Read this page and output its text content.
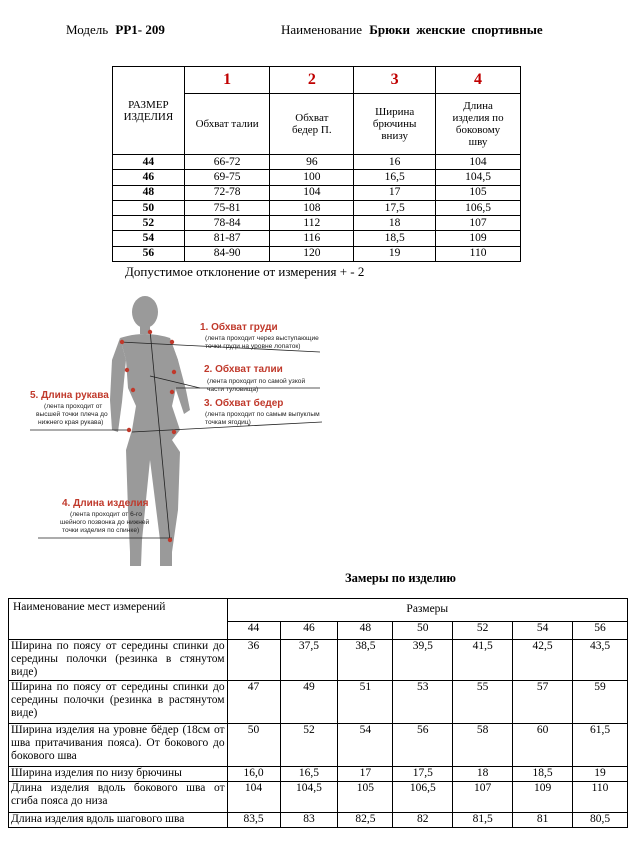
Модель РР1- 209	Наименование Брюки женские спортивные
РАЗМЕР ИЗДЕЛИЯ	1	2	3	4
	Обхват талии	Обхват бедер П.	Ширина брючины внизу	Длина изделия по боковому шву
44	66-72	96	16	104
46	69-75	100	16,5	104,5
48	72-78	104	17	105
50	75-81	108	17,5	106,5
52	78-84	112	18	107
54	81-87	116	18,5	109
56	84-90	120	19	110
Допустимое отклонение от измерения + - 2
1. Обхват груди
(лента проходит через выступающие
точки груди на уровне лопаток)
2. Обхват талии
(лента проходит по самой узкой
части туловища)
3. Обхват бедер
(лента проходит по самым выпуклым
точкам ягодиц)
4. Длина изделия
(лента проходит от 6-го
шейного позвонка до нижней
точки изделия по спинке)
5. Длина рукава
(лента проходит от
высшей точки плеча до
нижнего края рукава)
Замеры по изделию
Наименование мест измерений	Размеры						
	44	46	48	50	52	54	56
Ширина по поясу от середины спинки до середины полочки (резинка в стянутом виде)	36	37,5	38,5	39,5	41,5	42,5	43,5
Ширина по поясу от середины спинки до середины полочки (резинка в растянутом виде)	47	49	51	53	55	57	59
Ширина изделия на уровне бёдер (18см от шва притачивания пояса). От бокового до бокового шва	50	52	54	56	58	60	61,5
Ширина изделия по низу брючины	16,0	16,5	17	17,5	18	18,5	19
Длина изделия вдоль бокового шва от сгиба пояса до низа	104	104,5	105	106,5	107	109	110
Длина изделия вдоль шагового шва	83,5	83	82,5	82	81,5	81	80,5
